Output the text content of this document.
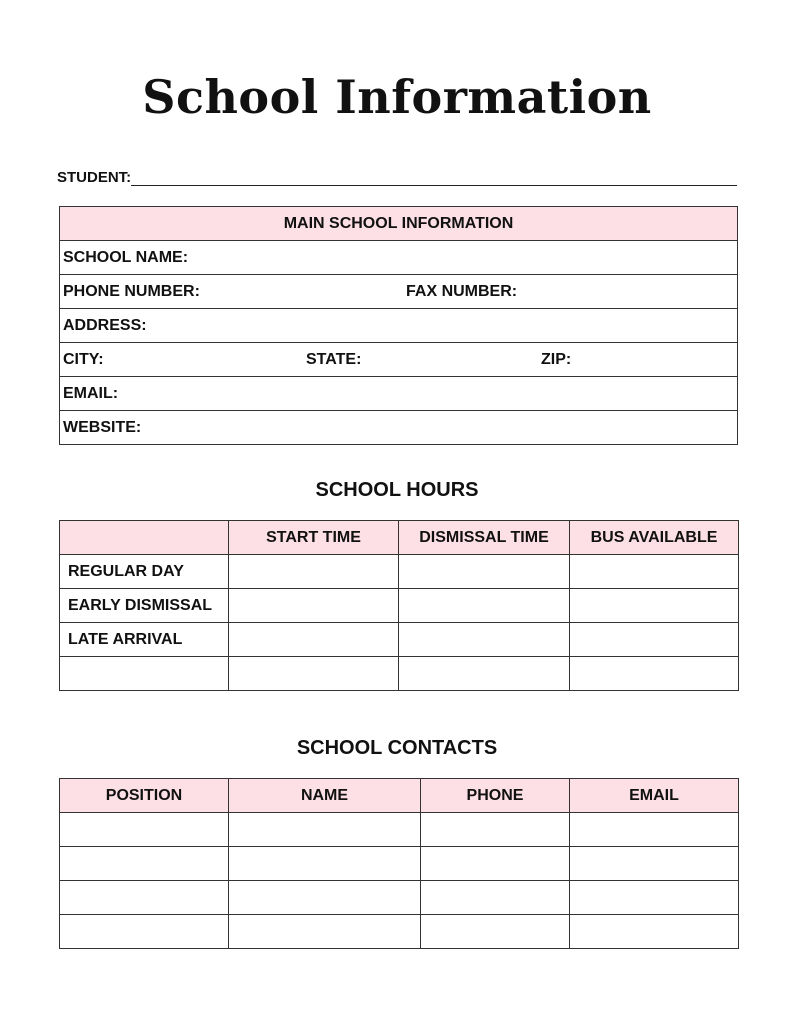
School Information
STUDENT:
MAIN SCHOOL INFORMATION
SCHOOL NAME:
PHONE NUMBER:	FAX NUMBER:

ADDRESS:
CITY:	STATE:	ZIP:

EMAIL:
WEBSITE:
SCHOOL HOURS
	START TIME	DISMISSAL TIME	BUS AVAILABLE
REGULAR DAY			
EARLY DISMISSAL			
LATE ARRIVAL			

SCHOOL CONTACTS
POSITION	NAME	PHONE	EMAIL
